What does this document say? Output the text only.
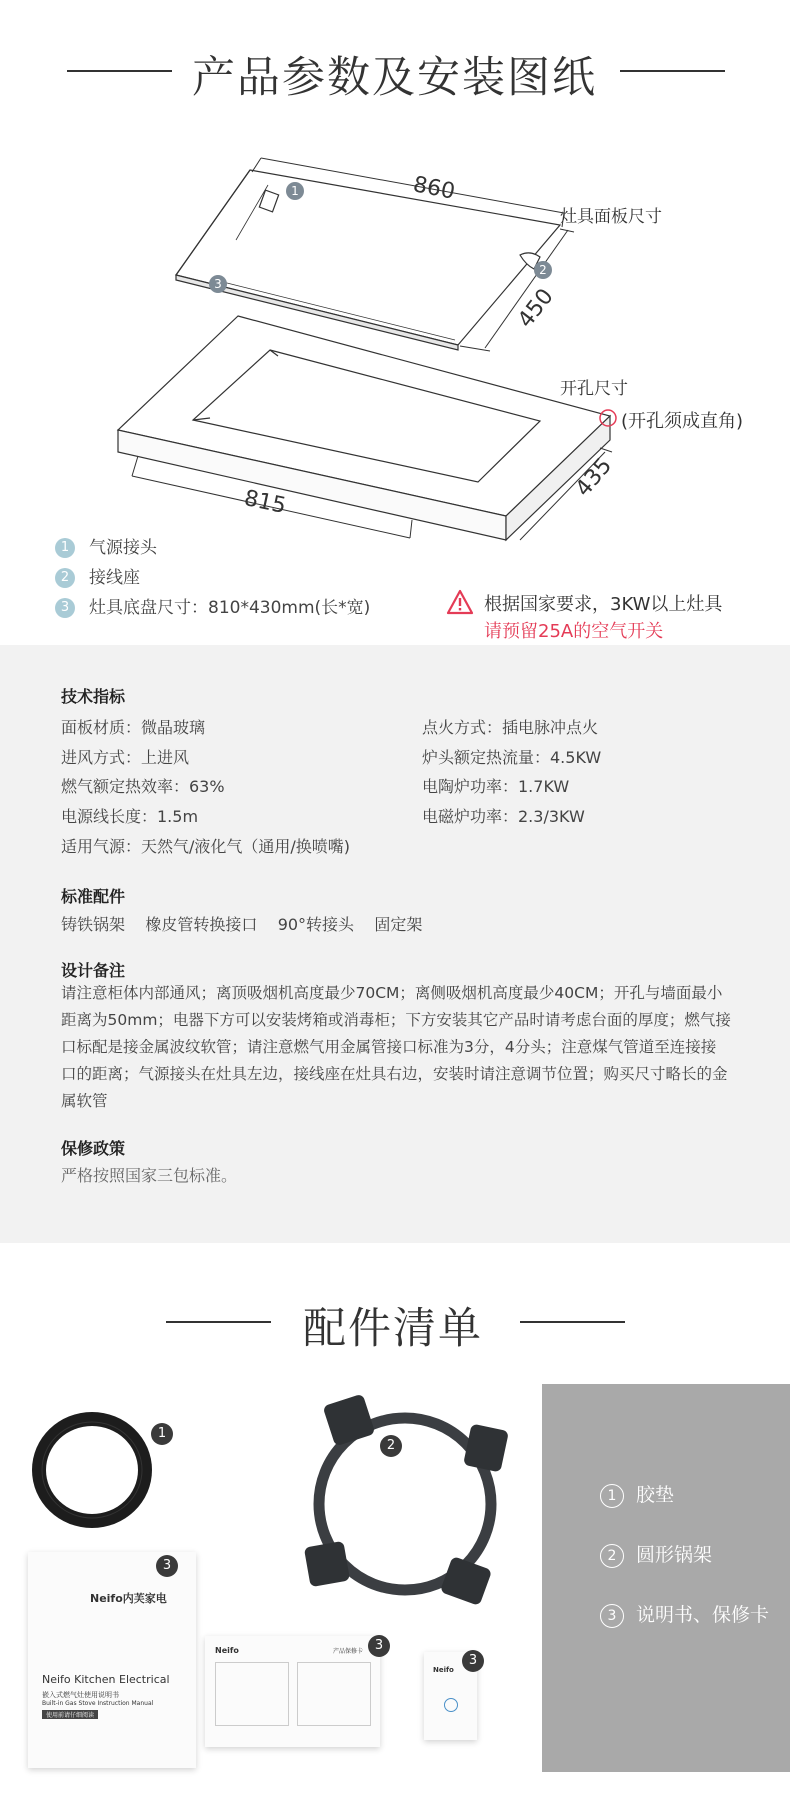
产品参数及安装图纸
1
2
3
860
450
灶具面板尺寸
开孔尺寸
(开孔须成直角)
815
435
1 气源接头
2 接线座
3 灶具底盘尺寸：810*430mm(长*宽)	根据国家要求，3KW以上灶具
请预留25A的空气开关
技术指标
面板材质：微晶玻璃
进风方式：上进风
燃气额定热效率：63%
电源线长度：1.5m
适用气源：天然气/液化气（通用/换喷嘴)
点火方式：插电脉冲点火
炉头额定热流量：4.5KW
电陶炉功率：1.7KW
电磁炉功率：2.3/3KW
标准配件
铸铁锅架    橡皮管转换接口    90°转接头    固定架
设计备注
请注意柜体内部通风；离顶吸烟机高度最少70CM；离侧吸烟机高度最少40CM；开孔与墙面最小距离为50mm；电器下方可以安装烤箱或消毒柜；下方安装其它产品时请考虑台面的厚度；燃气接口标配是接金属波纹软管；请注意燃气用金属管接口标准为3分，4分头；注意煤气管道至连接接口的距离；气源接头在灶具左边，接线座在灶具右边，安装时请注意调节位置；购买尺寸略长的金属软管
保修政策
严格按照国家三包标准。
配件清单
1
2
Neifo内芙家电
Neifo Kitchen Electrical
嵌入式燃气灶使用说明书
Built-in Gas Stove Instruction Manual
使用前请仔细阅读
3
Neifo	产品保修卡 3
Neifo
3
1 胶垫
2 圆形锅架
3 说明书、保修卡
